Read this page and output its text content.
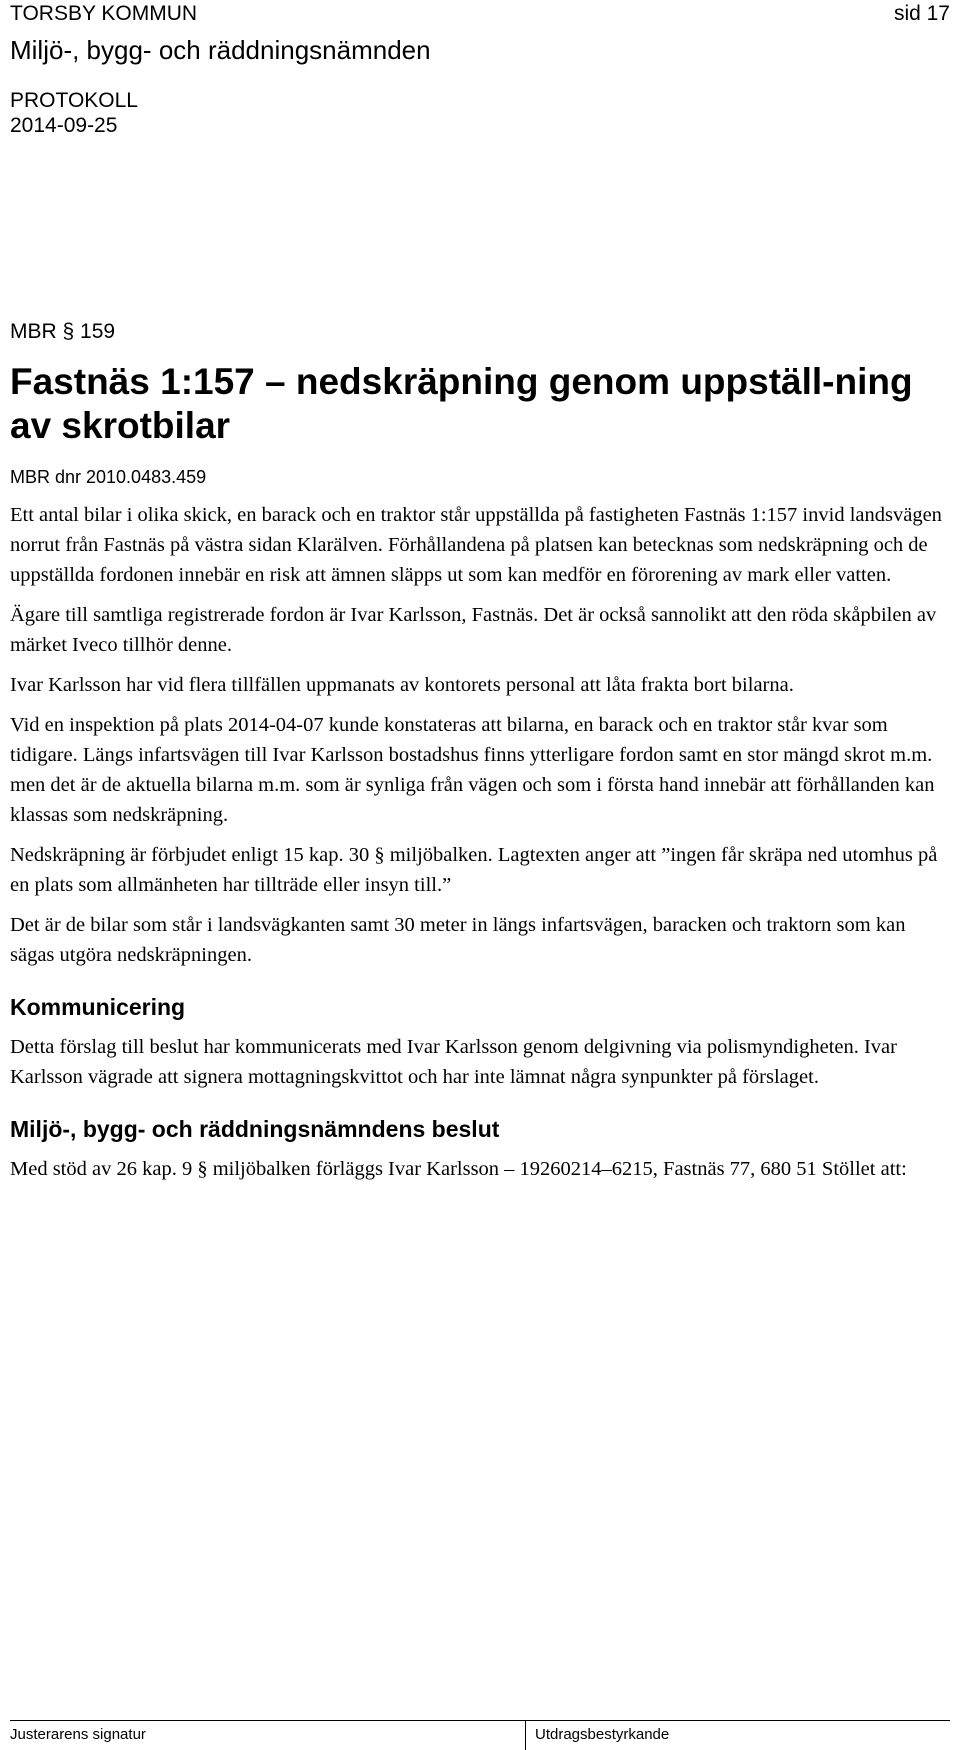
TORSBY KOMMUN	sid 17
Miljö-, bygg- och räddningsnämnden
PROTOKOLL
2014-09-25
MBR § 159
Fastnäs 1:157 – nedskräpning genom uppställ-ning av skrotbilar
MBR dnr 2010.0483.459

Ett antal bilar i olika skick, en barack och en traktor står uppställda på fastigheten Fastnäs 1:157 invid landsvägen norrut från Fastnäs på västra sidan Klarälven. Förhållandena på platsen kan betecknas som nedskräpning och de uppställda fordonen innebär en risk att ämnen släpps ut som kan medför en förorening av mark eller vatten.

Ägare till samtliga registrerade fordon är Ivar Karlsson, Fastnäs. Det är också sannolikt att den röda skåpbilen av märket Iveco tillhör denne.

Ivar Karlsson har vid flera tillfällen uppmanats av kontorets personal att låta frakta bort bilarna.

Vid en inspektion på plats 2014-04-07 kunde konstateras att bilarna, en barack och en traktor står kvar som tidigare. Längs infartsvägen till Ivar Karlsson bostadshus finns ytterligare fordon samt en stor mängd skrot m.m. men det är de aktuella bilarna m.m. som är synliga från vägen och som i första hand innebär att förhållanden kan klassas som nedskräpning.

Nedskräpning är förbjudet enligt 15 kap. 30 § miljöbalken. Lagtexten anger att ”ingen får skräpa ned utomhus på en plats som allmänheten har tillträde eller insyn till.”

Det är de bilar som står i landsvägkanten samt 30 meter in längs infartsvägen, baracken och traktorn som kan sägas utgöra nedskräpningen.

Kommunicering

Detta förslag till beslut har kommunicerats med Ivar Karlsson genom delgivning via polismyndigheten. Ivar Karlsson vägrade att signera mottagningskvittot och har inte lämnat några synpunkter på förslaget.

Miljö-, bygg- och räddningsnämndens beslut

Med stöd av 26 kap. 9 § miljöbalken förläggs Ivar Karlsson – 19260214–6215, Fastnäs 77, 680 51 Stöllet att:

Justerarens signatur	Utdragsbestyrkande
